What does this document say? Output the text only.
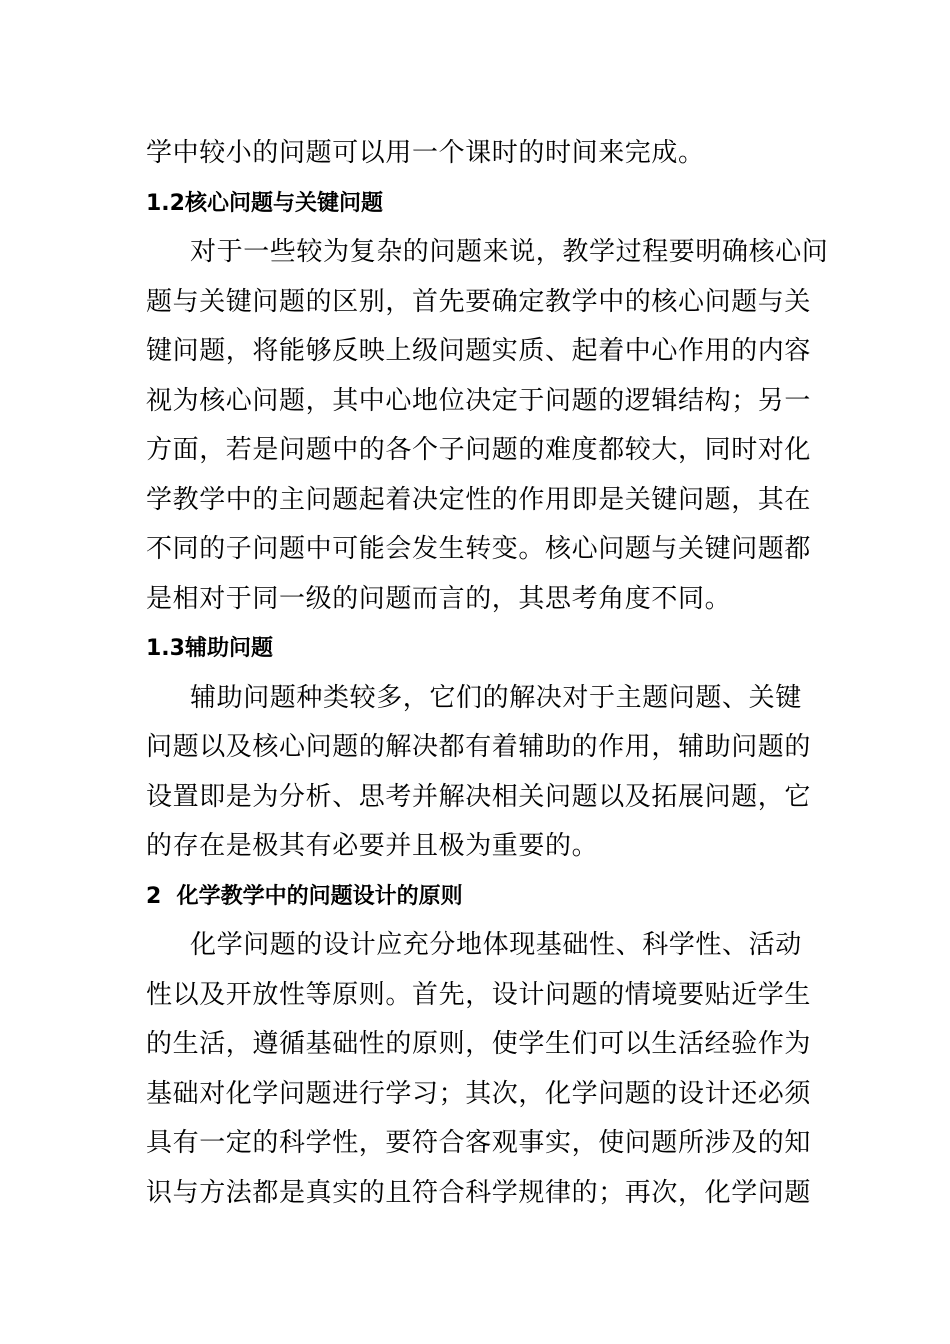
学中较小的问题可以用一个课时的时间来完成。
1.2核心问题与关键问题
对于一些较为复杂的问题来说，教学过程要明确核心问
题与关键问题的区别，首先要确定教学中的核心问题与关
键问题，将能够反映上级问题实质、起着中心作用的内容
视为核心问题，其中心地位决定于问题的逻辑结构；另一
方面，若是问题中的各个子问题的难度都较大，同时对化
学教学中的主问题起着决定性的作用即是关键问题，其在
不同的子问题中可能会发生转变。核心问题与关键问题都
是相对于同一级的问题而言的，其思考角度不同。
1.3辅助问题
辅助问题种类较多，它们的解决对于主题问题、关键
问题以及核心问题的解决都有着辅助的作用，辅助问题的
设置即是为分析、思考并解决相关问题以及拓展问题，它
的存在是极其有必要并且极为重要的。
2  化学教学中的问题设计的原则
化学问题的设计应充分地体现基础性、科学性、活动
性以及开放性等原则。首先，设计问题的情境要贴近学生
的生活，遵循基础性的原则，使学生们可以生活经验作为
基础对化学问题进行学习；其次，化学问题的设计还必须
具有一定的科学性，要符合客观事实，使问题所涉及的知
识与方法都是真实的且符合科学规律的；再次，化学问题
